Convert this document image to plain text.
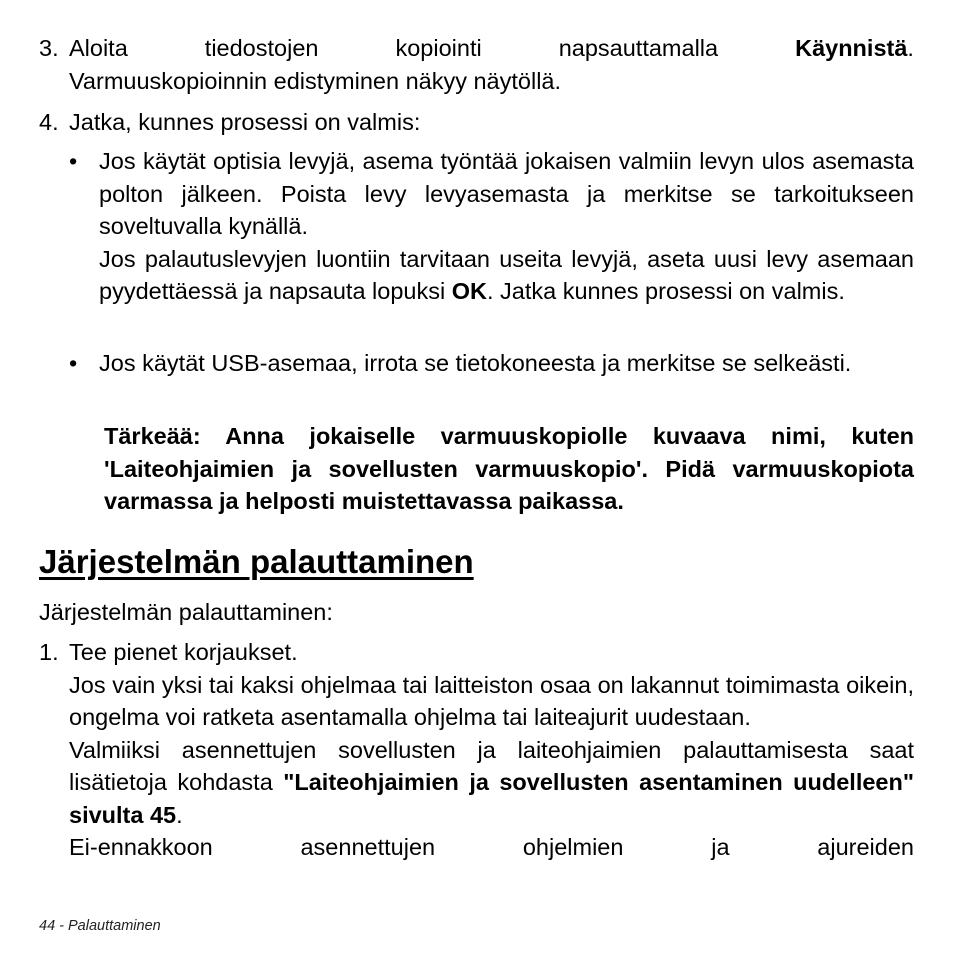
3. Aloita	tiedostojen	kopiointi	napsauttamalla	Käynnistä.
Varmuuskopioinnin edistyminen näkyy näytöllä.
4. Jatka, kunnes prosessi on valmis:
• Jos käytät optisia levyjä, asema työntää jokaisen valmiin levyn ulos asemasta polton jälkeen. Poista levy levyasemasta ja merkitse se tarkoitukseen soveltuvalla kynällä.
Jos palautuslevyjen luontiin tarvitaan useita levyjä, aseta uusi levy asemaan pyydettäessä ja napsauta lopuksi OK. Jatka kunnes prosessi on valmis.
• Jos käytät USB-asemaa, irrota se tietokoneesta ja merkitse se selkeästi.
Tärkeää: Anna jokaiselle varmuuskopiolle kuvaava nimi, kuten 'Laiteohjaimien ja sovellusten varmuuskopio'. Pidä varmuuskopiota varmassa ja helposti muistettavassa paikassa.
Järjestelmän palauttaminen
Järjestelmän palauttaminen:
1. Tee pienet korjaukset.
Jos vain yksi tai kaksi ohjelmaa tai laitteiston osaa on lakannut toimimasta oikein, ongelma voi ratketa asentamalla ohjelma tai laiteajurit uudestaan.
Valmiiksi asennettujen sovellusten ja laiteohjaimien palauttamisesta saat lisätietoja kohdasta "Laiteohjaimien ja sovellusten asentaminen uudelleen" sivulta 45.
Ei-ennakkoon asennettujen ohjelmien ja ajureiden
44 - Palauttaminen
